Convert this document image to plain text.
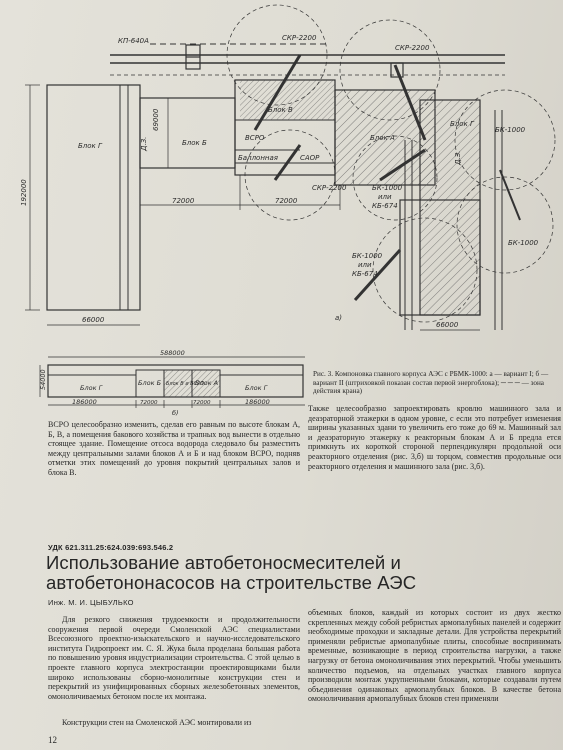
КП-640А	СКР-2200
СКР-2200
СКР-2200
БК-1000
БК-1000
или
КБ-674
БК-1000
БК-1000
или
КБ-674
Блок Г	Блок Б
Блок В
Блок А
Блок Г
ВСРО
Баллонная	САОР
Д.З.
Д.З.
192000
69000
72000	72000
66000
66000
а)
588000
54000	Блок Г
Блок Б Блок В и ВСРО
Блок А
Блок Г
186000	72000	72000	186000
б)

Рис. 3. Компоновка главного корпуса АЭС с РБМК-1000: а — вариант I; б — вариант II (штриховкой показан состав первой энергоблока); ─ ─ ─ — зона действия крана)

ВСРО целесообразно изменить, сделав его равным по высоте блокам А, Б, В, а помещения бакового хозяйства и трапных вод вынести в отдельно стоящее здание. Помещение отсоса водорода следовало бы разместить между центральными залами блоков А и Б и над блоком ВСРО, подняв отметки этих помещений до уровня покрытий центральных залов и блока В.

Также целесообразно запроектировать кровлю машинного зала и деаэраторной этажерки в одном уровне, с если это потребует изменения ширины указанных здани то увеличить его тоже до 69 м. Машинный зал и деаэраторную этажерку к реакторным блокам А и Б предла ется примкнуть их короткой стороной перпендикулярн продольной оси реакторного отделения (рис. 3,б) ш торцом, совместив продольные оси реакторного отделения и машинного зала (рис. 3,б).

УДК 621.311.25:624.039:693.546.2
Использование автобетоносмесителей и автобетононасосов на строительстве АЭС
Инж. М. И. ЦЫБУЛЬКО

Для резкого снижения трудоемкости и продолжительности сооружения первой очереди Смоленской АЭС специалистами Всесоюзного проектно-изыскательского и научно-исследовательского института Гидропроект им. С. Я. Жука была проделана большая работа по повышению уровня индустриализации строительства. С этой целью в проекте главного корпуса электростанции проектировщиками были широко использованы сборно-монолитные конструкции стен и перекрытий из унифицированных сборных железобетонных элементов, омоноличиваемых бетоном после их монтажа.

Конструкции стен на Смоленской АЭС монтировали из

объемных блоков, каждый из которых состоит из двух жестко скрепленных между собой ребристых армопалубных панелей и содержит необходимые проходки и закладные детали. Для устройства перекрытий применяли ребристые армопалубные плиты, способные воспринимать временные, возникающие в период строительства нагрузки, а также нагрузку от бетона омоноличивания этих перекрытий. Чтобы уменьшить количество подъемов, на отдельных участках главного корпуса производили монтаж укрупненными блоками, которые создавали путем объединения одинаковых армопалубных блоков. В качестве бетона омоноличивания армопалубных блоков стен применяли

12
